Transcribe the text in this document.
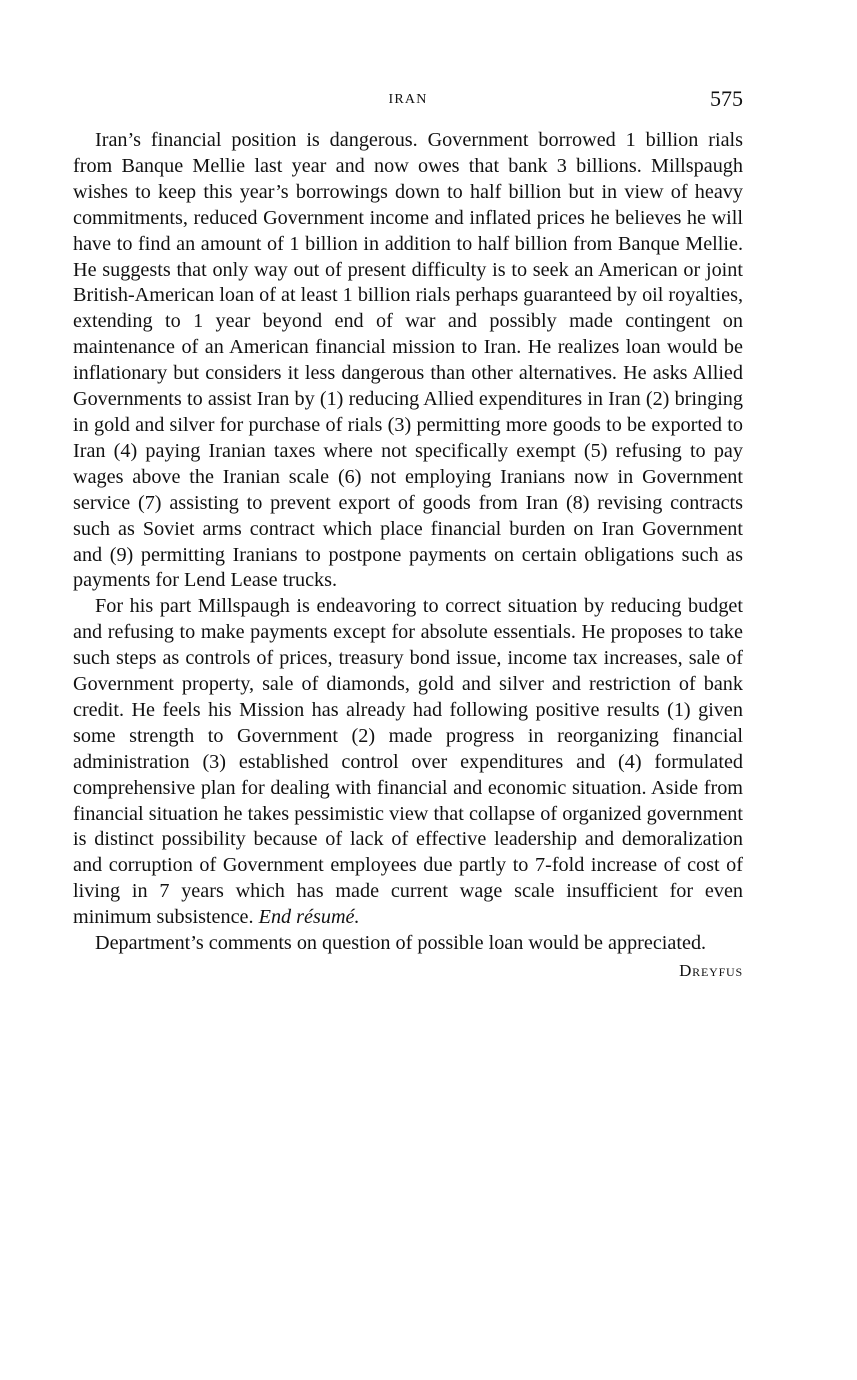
IRAN	575

Iran’s financial position is dangerous. Government borrowed 1 billion rials from Banque Mellie last year and now owes that bank 3 billions. Millspaugh wishes to keep this year’s borrowings down to half billion but in view of heavy commitments, reduced Government income and inflated prices he believes he will have to find an amount of 1 billion in addition to half billion from Banque Mellie. He suggests that only way out of present difficulty is to seek an American or joint British-American loan of at least 1 billion rials perhaps guaranteed by oil royalties, extending to 1 year beyond end of war and possibly made contingent on maintenance of an American financial mission to Iran. He realizes loan would be inflationary but considers it less dangerous than other alternatives. He asks Allied Governments to assist Iran by (1) reducing Allied expenditures in Iran (2) bringing in gold and silver for purchase of rials (3) permitting more goods to be exported to Iran (4) paying Iranian taxes where not specifically exempt (5) refusing to pay wages above the Iranian scale (6) not employing Iranians now in Government service (7) assisting to prevent export of goods from Iran (8) revising contracts such as Soviet arms contract which place financial burden on Iran Government and (9) permitting Iranians to postpone payments on certain obligations such as payments for Lend Lease trucks.

For his part Millspaugh is endeavoring to correct situation by reducing budget and refusing to make payments except for absolute essentials. He proposes to take such steps as controls of prices, treasury bond issue, income tax increases, sale of Government property, sale of diamonds, gold and silver and restriction of bank credit. He feels his Mission has already had following positive results (1) given some strength to Government (2) made progress in reorganizing financial administration (3) established control over expenditures and (4) formulated comprehensive plan for dealing with financial and economic situation. Aside from financial situation he takes pessimistic view that collapse of organized government is distinct possibility because of lack of effective leadership and demoralization and corruption of Government employees due partly to 7-fold increase of cost of living in 7 years which has made current wage scale insufficient for even minimum subsistence. End résumé.

Department’s comments on question of possible loan would be appreciated.

Dreyfus
